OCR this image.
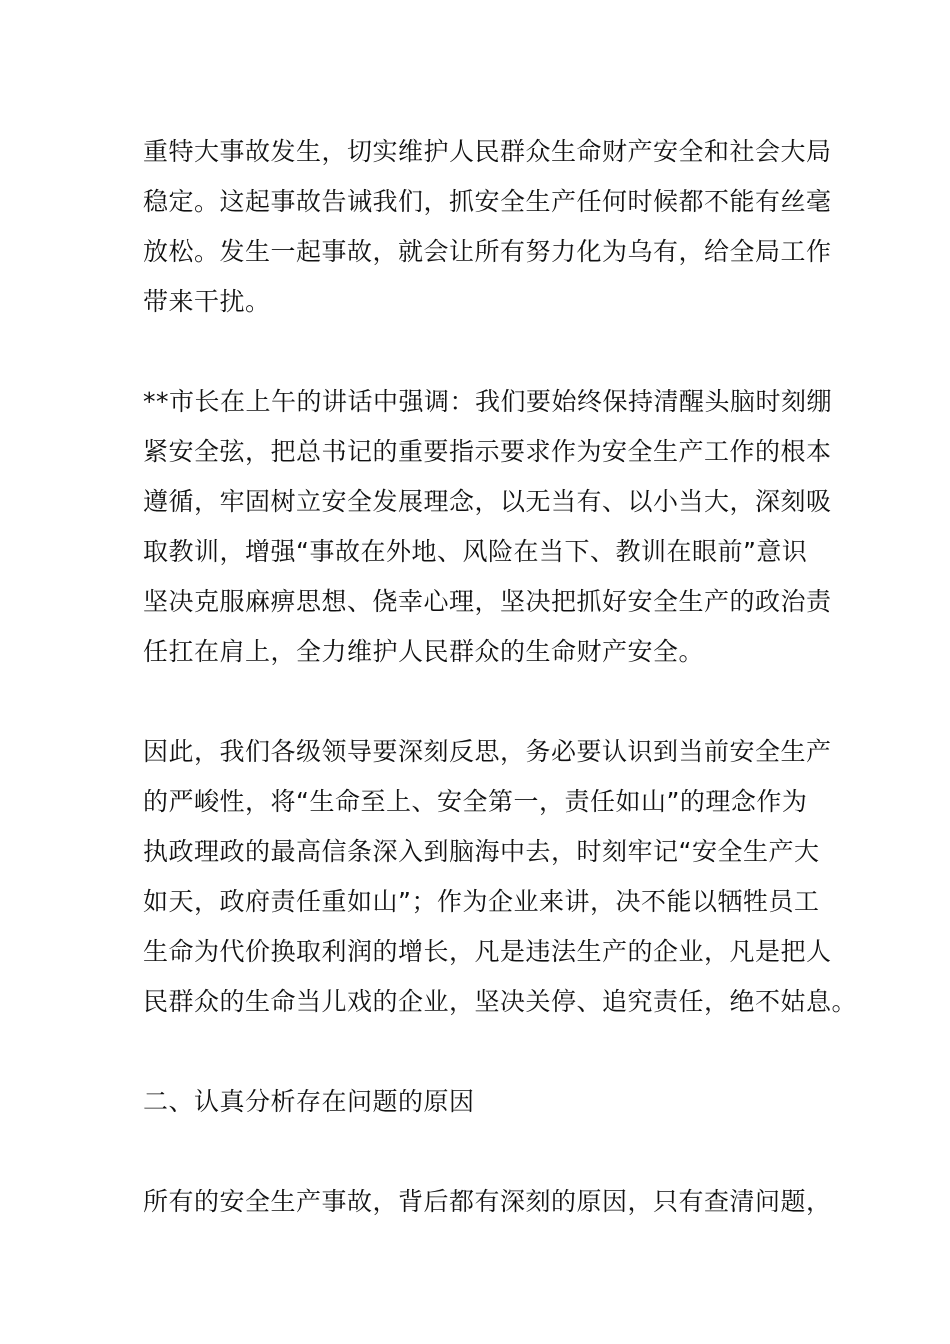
重特大事故发生，切实维护人民群众生命财产安全和社会大局
稳定。这起事故告诫我们，抓安全生产任何时候都不能有丝毫
放松。发生一起事故，就会让所有努力化为乌有，给全局工作
带来干扰。

**市长在上午的讲话中强调：我们要始终保持清醒头脑时刻绷
紧安全弦，把总书记的重要指示要求作为安全生产工作的根本
遵循，牢固树立安全发展理念，以无当有、以小当大，深刻吸
取教训，增强“事故在外地、风险在当下、教训在眼前”意识
坚决克服麻痹思想、侥幸心理，坚决把抓好安全生产的政治责
任扛在肩上，全力维护人民群众的生命财产安全。

因此，我们各级领导要深刻反思，务必要认识到当前安全生产
的严峻性，将“生命至上、安全第一，责任如山”的理念作为
执政理政的最高信条深入到脑海中去，时刻牢记“安全生产大
如天，政府责任重如山”；作为企业来讲，决不能以牺牲员工
生命为代价换取利润的增长，凡是违法生产的企业，凡是把人
民群众的生命当儿戏的企业，坚决关停、追究责任，绝不姑息。

二、认真分析存在问题的原因

所有的安全生产事故，背后都有深刻的原因，只有查清问题，
